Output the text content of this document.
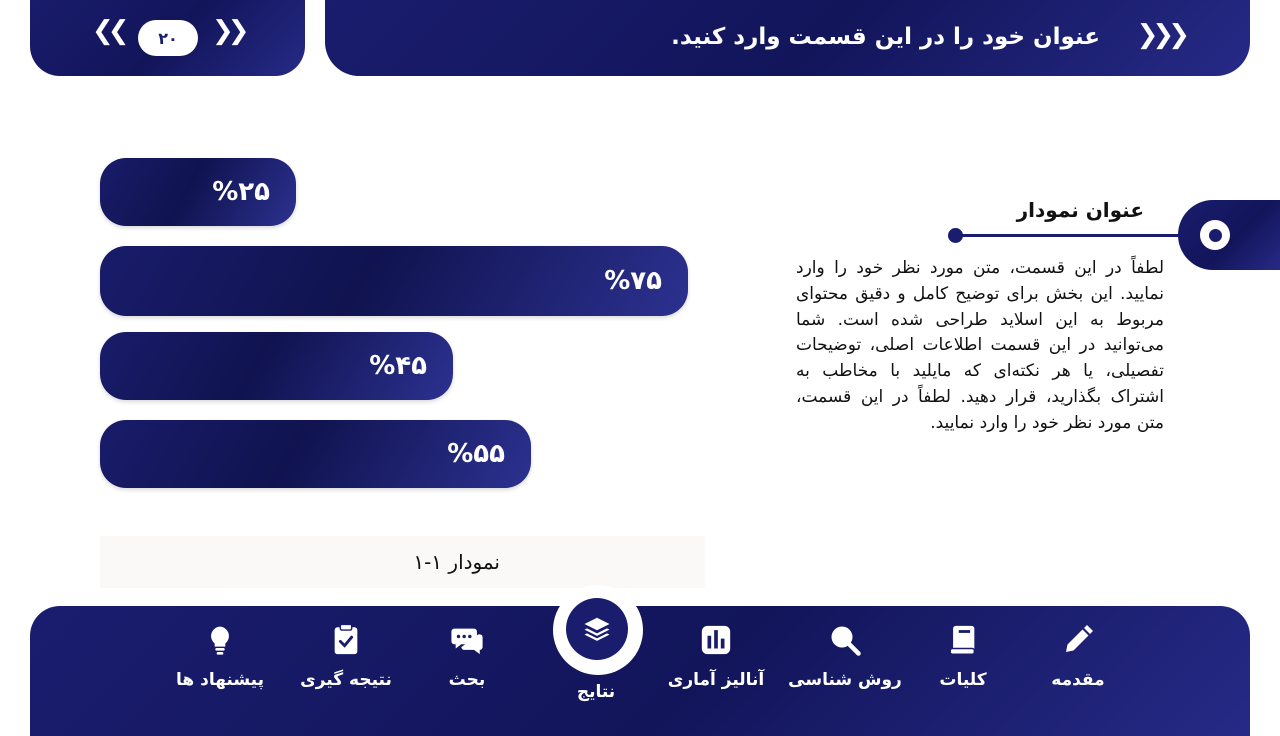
❮❮	۲۰	❯❯	عنوان خود را در این قسمت وارد کنید. ❯❯❯
%۲۵
%۷۵
%۴۵
%۵۵
نمودار ۱-۱
عنوان نمودار
لطفاً در این قسمت، متن مورد نظر خود را وارد نمایید. این بخش برای توضیح کامل و دقیق محتوای مربوط به این اسلاید طراحی شده است. شما می‌توانید در این قسمت اطلاعات اصلی، توضیحات تفصیلی، یا هر نکته‌ای که مایلید با مخاطب به اشتراک بگذارید، قرار دهید. لطفاً در این قسمت، متن مورد نظر خود را وارد نمایید.
نتایج
مقدمه
کلیات
روش شناسی
آنالیز آماری
بحث
نتیجه گیری
پیشنهاد ها
